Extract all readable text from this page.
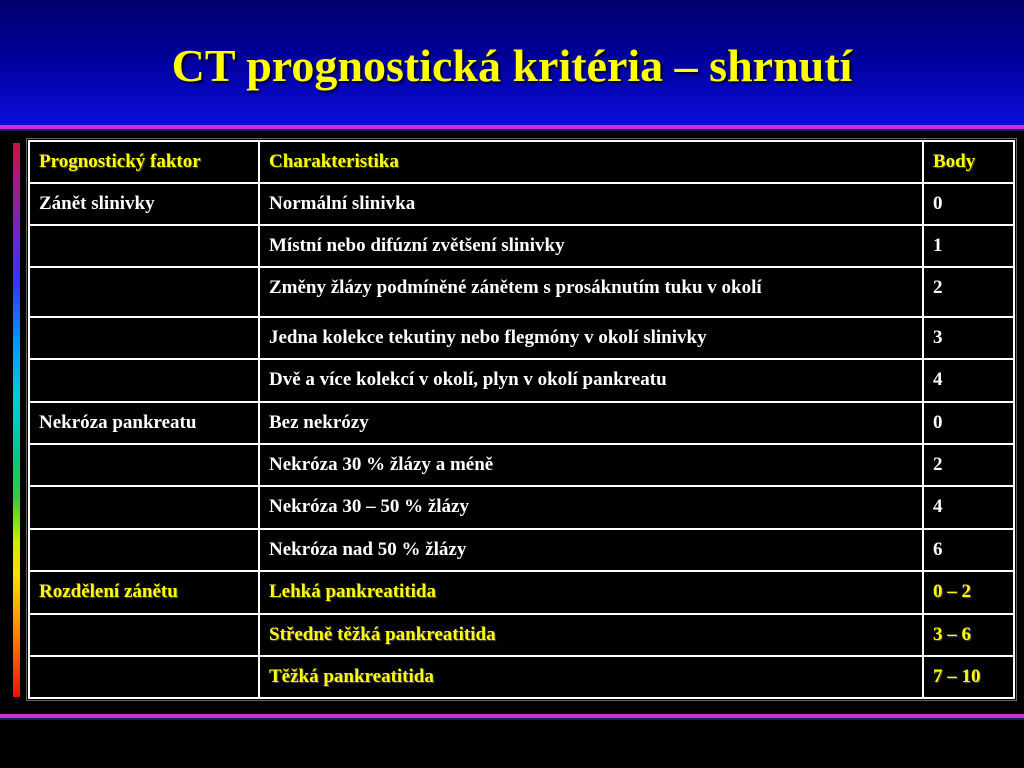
CT prognostická kritéria – shrnutí
Prognostický faktor	Charakteristika	Body
Zánět slinivky	Normální slinivka	0
	Místní nebo difúzní zvětšení slinivky	1
	Změny žlázy podmíněné zánětem s prosáknutím tuku v okolí	2
	Jedna kolekce tekutiny nebo flegmóny v okolí slinivky	3
	Dvě a více kolekcí v okolí, plyn v okolí pankreatu	4
Nekróza pankreatu	Bez nekrózy	0
	Nekróza 30 % žlázy a méně	2
	Nekróza 30 – 50 % žlázy	4
	Nekróza nad 50 % žlázy	6
Rozdělení zánětu	Lehká pankreatitida	0 – 2
	Středně těžká pankreatitida	3 – 6
	Těžká pankreatitida	7 – 10
